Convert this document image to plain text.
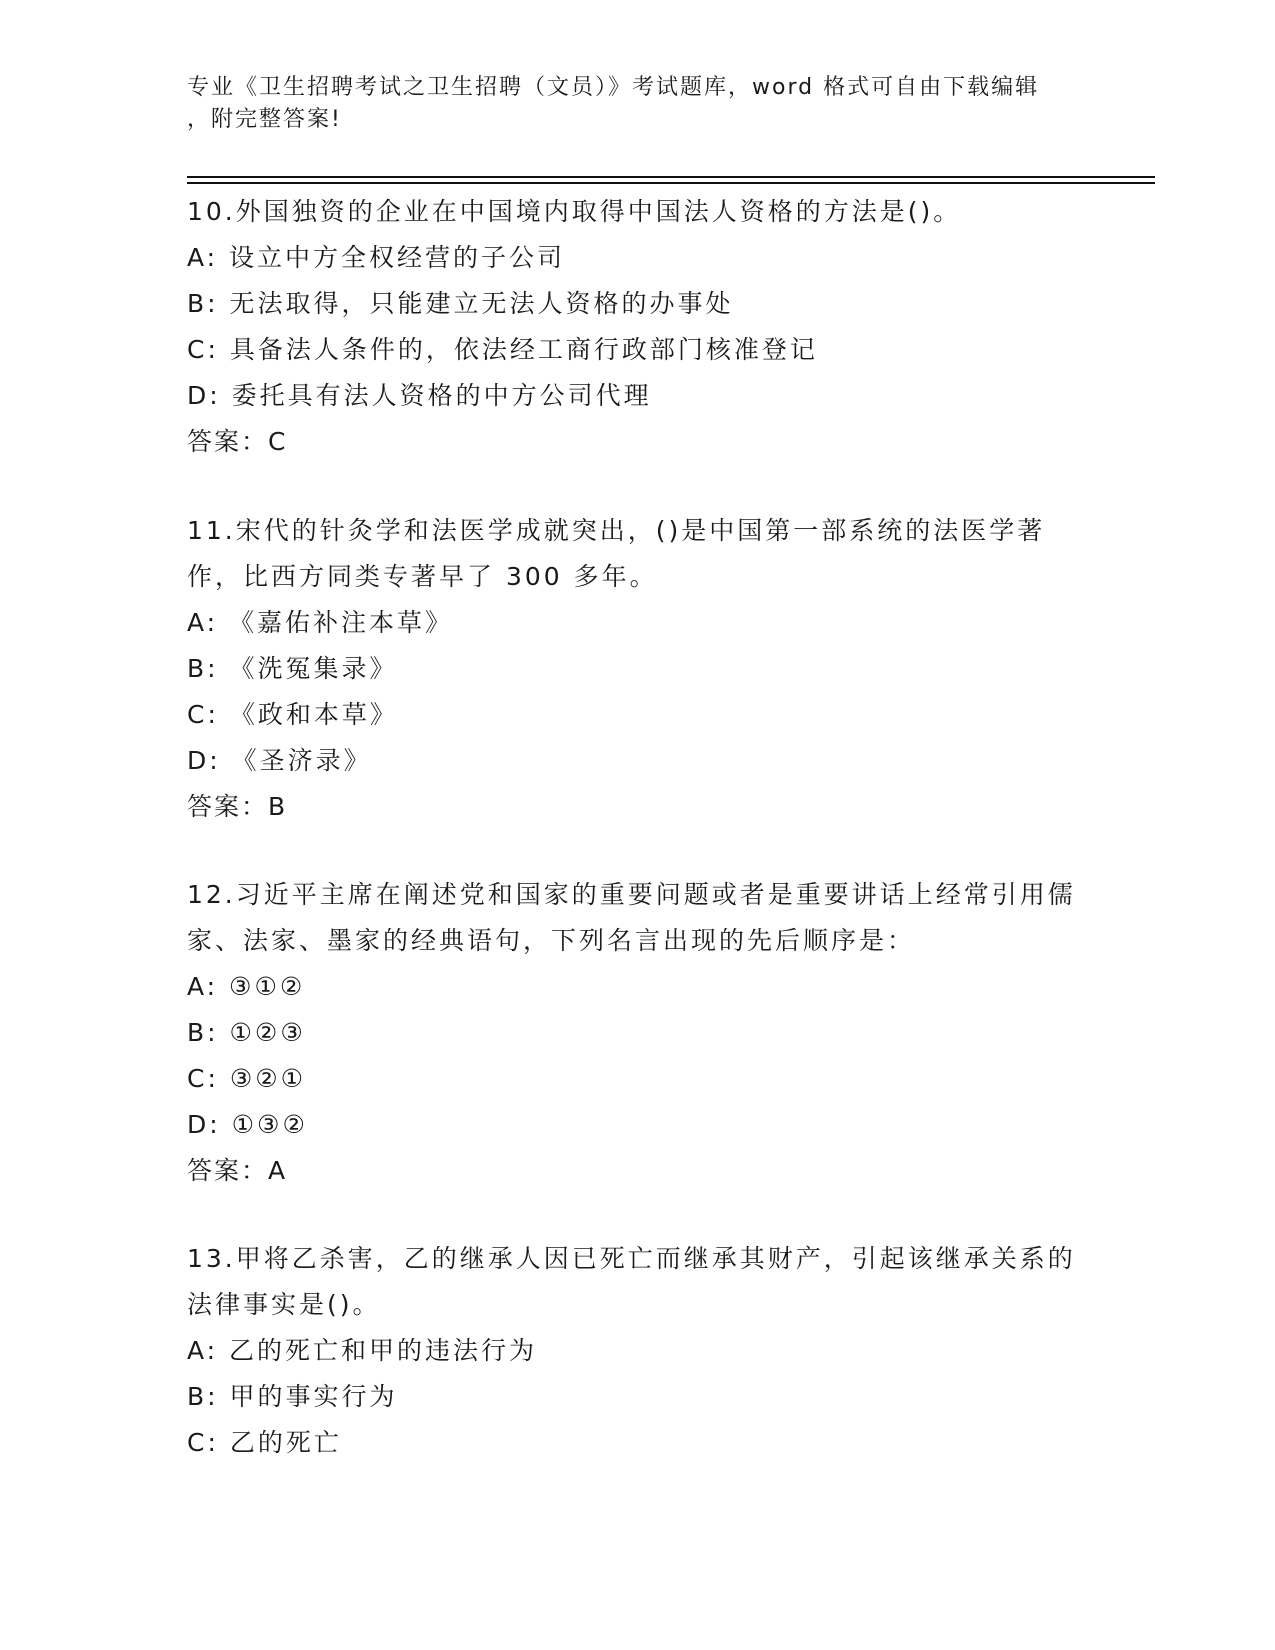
专业《卫生招聘考试之卫生招聘（文员）》考试题库，word 格式可自由下载编辑
，附完整答案!

10.外国独资的企业在中国境内取得中国法人资格的方法是()。

A: 设立中方全权经营的子公司

B: 无法取得，只能建立无法人资格的办事处

C: 具备法人条件的，依法经工商行政部门核准登记

D: 委托具有法人资格的中方公司代理

答案：C

11.宋代的针灸学和法医学成就突出，()是中国第一部系统的法医学著作，比西方同类专著早了 300 多年。

A: 《嘉佑补注本草》

B: 《洗冤集录》

C: 《政和本草》

D: 《圣济录》

答案：B

12.习近平主席在阐述党和国家的重要问题或者是重要讲话上经常引用儒家、法家、墨家的经典语句，下列名言出现的先后顺序是：

A: ③①②

B: ①②③

C: ③②①

D: ①③②

答案：A

13.甲将乙杀害，乙的继承人因已死亡而继承其财产，引起该继承关系的法律事实是()。

A: 乙的死亡和甲的违法行为

B: 甲的事实行为

C: 乙的死亡
